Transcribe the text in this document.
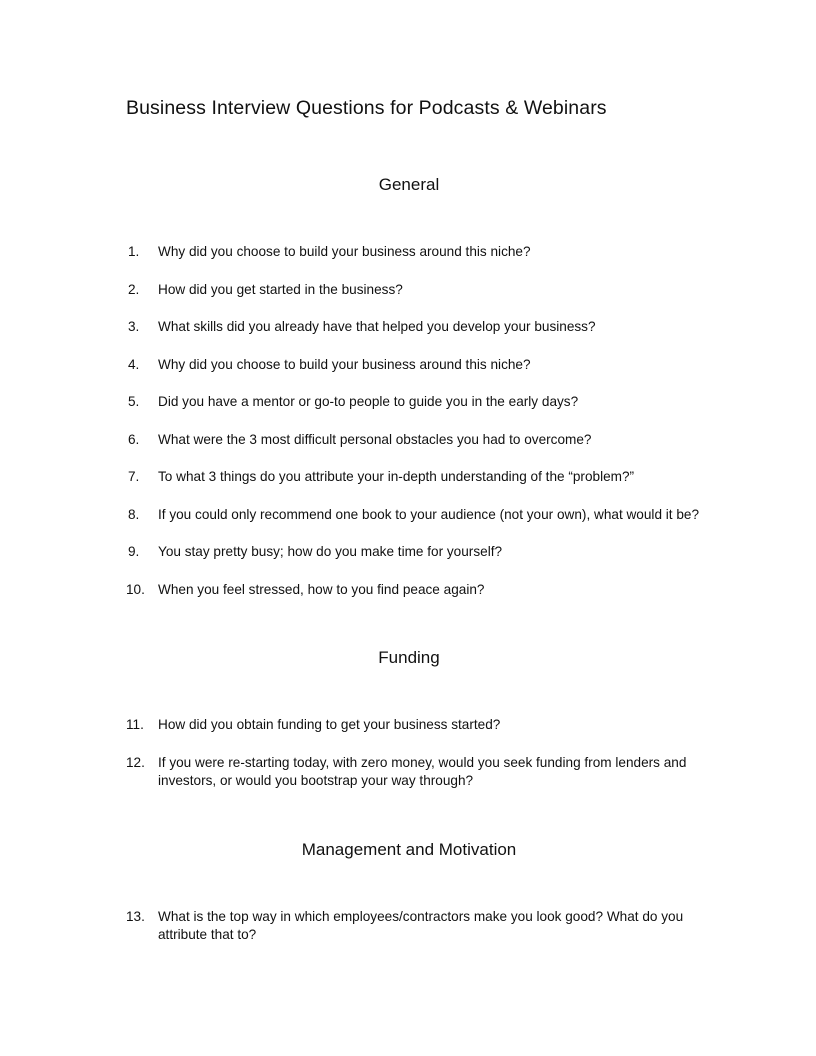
Business Interview Questions for Podcasts & Webinars
General
1.	Why did you choose to build your business around this niche?
2.	How did you get started in the business?
3.	What skills did you already have that helped you develop your business?
4.	Why did you choose to build your business around this niche?
5.	Did you have a mentor or go-to people to guide you in the early days?
6.	What were the 3 most difficult personal obstacles you had to overcome?
7.	To what 3 things do you attribute your in-depth understanding of the “problem?”
8.	If you could only recommend one book to your audience (not your own), what would it be?
9.	You stay pretty busy; how do you make time for yourself?
10. When you feel stressed, how to you find peace again?
Funding
11.	How did you obtain funding to get your business started?
12. If you were re-starting today, with zero money, would you seek funding from lenders and investors, or would you bootstrap your way through?
Management and Motivation
13. What is the top way in which employees/contractors make you look good? What do you attribute that to?
